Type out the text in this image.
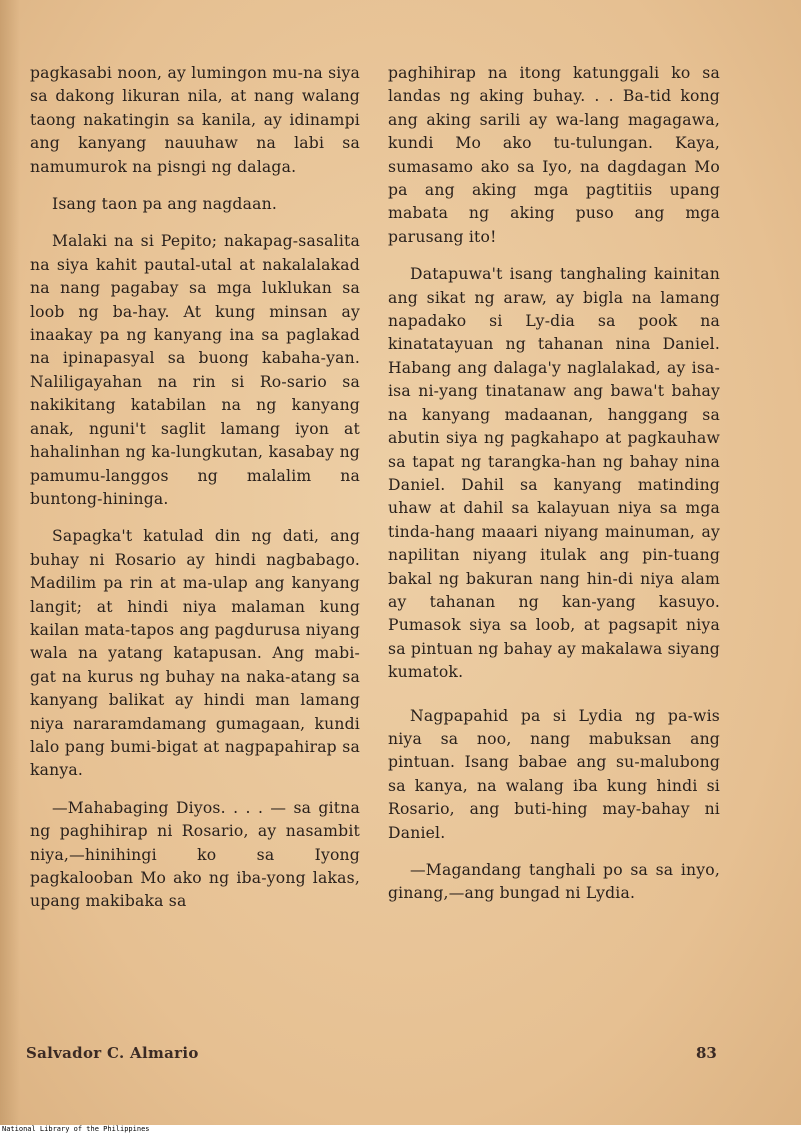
pagkasabi noon, ay lumingon mu-na siya sa dakong likuran nila, at nang walang taong nakatingin sa kanila, ay idinampi ang kanyang nauuhaw na labi sa namumurok na pisngi ng dalaga.

Isang taon pa ang nagdaan.

Malaki na si Pepito; nakapag-sasalita na siya kahit pautal-utal at nakalalakad na nang pagabay sa mga luklukan sa loob ng ba-hay. At kung minsan ay inaakay pa ng kanyang ina sa paglakad na ipinapasyal sa buong kabaha-yan. Naliligayahan na rin si Ro-sario sa nakikitang katabilan na ng kanyang anak, nguni't saglit lamang iyon at hahalinhan ng ka-lungkutan, kasabay ng pamumu-langgos ng malalim na buntong-hininga.

Sapagka't katulad din ng dati, ang buhay ni Rosario ay hindi nagbabago. Madilim pa rin at ma-ulap ang kanyang langit; at hindi niya malaman kung kailan mata-tapos ang pagdurusa niyang wala na yatang katapusan. Ang mabi-gat na kurus ng buhay na naka-atang sa kanyang balikat ay hindi man lamang niya nararamdamang gumagaan, kundi lalo pang bumi-bigat at nagpapahirap sa kanya.

—Mahabaging Diyos. . . . — sa gitna ng paghihirap ni Rosario, ay nasambit niya,—hinihingi ko sa Iyong pagkalooban Mo ako ng iba-yong lakas, upang makibaka sa

paghihirap na itong katunggali ko sa landas ng aking buhay. . . Ba-tid kong ang aking sarili ay wa-lang magagawa, kundi Mo ako tu-tulungan. Kaya, sumasamo ako sa Iyo, na dagdagan Mo pa ang aking mga pagtitiis upang mabata ng aking puso ang mga parusang ito!

Datapuwa't isang tanghaling kainitan ang sikat ng araw, ay bigla na lamang napadako si Ly-dia sa pook na kinatatayuan ng tahanan nina Daniel. Habang ang dalaga'y naglalakad, ay isa-isa ni-yang tinatanaw ang bawa't bahay na kanyang madaanan, hanggang sa abutin siya ng pagkahapo at pagkauhaw sa tapat ng tarangka-han ng bahay nina Daniel. Dahil sa kanyang matinding uhaw at dahil sa kalayuan niya sa mga tinda-hang maaari niyang mainuman, ay napilitan niyang itulak ang pin-tuang bakal ng bakuran nang hin-di niya alam ay tahanan ng kan-yang kasuyo. Pumasok siya sa loob, at pagsapit niya sa pintuan ng bahay ay makalawa siyang kumatok.

Nagpapahid pa si Lydia ng pa-wis niya sa noo, nang mabuksan ang pintuan. Isang babae ang su-malubong sa kanya, na walang iba kung hindi si Rosario, ang buti-hing may-bahay ni Daniel.

—Magandang tanghali po sa sa inyo, ginang,—ang bungad ni Lydia.

Salvador C. Almario	83
National Library of the Philippines
